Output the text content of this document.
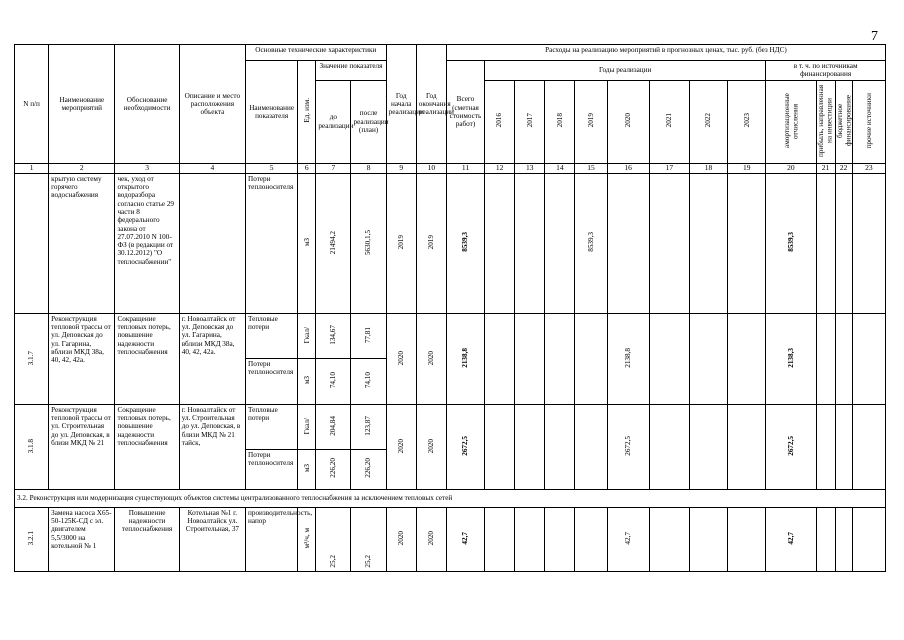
7
N п/п	Наименование мероприятий	Обоснование необходимости	Описание и место расположения объекта	Основные технические характеристики				Год начала реализации	Год окончания реализации	Расходы на реализацию мероприятий в прогнозных ценах, тыс. руб. (без НДС)												
				Наименование показателя	Ед. изм.	Значение показателя				Всего (сметная стоимость работ)	Годы реализации								в т. ч. по источникам финансирования			
						до реализации	после реализации (план)				2016	2017	2018	2019	2020	2021	2022	2023	амортизационные отчисления	прибыль, направленная на инвестиции	бюджетное финансирование	прочие источники

1	2	3	4	5	6	7	8	9	10	11	12	13	14	15	16	17	18	19	20	21	22	23
	крытую систему горячего водоснабжения	чек, уход от открытого водоразбора согласно статье 29 части 8 федерального закона от 27.07.2010 N 100-ФЗ (в редакции от 30.12.2012) "О теплоснабжении"		Потери теплоносителя	м3	21494,2	5630,1,5	2019	2019	8539,3				8539,3					8539,3			
3.1.7	Реконструкция тепловой трассы от ул. Деповская до ул. Гагарина, вблизи МКД 38а, 40, 42, 42а.	Сокращение тепловых потерь, повышение надежности теплоснабжения	г. Новоалтайск от ул. Деповская до ул. Гагарина, вблизи МКД 38а, 40, 42, 42а.	Тепловые потери	Гкал/	134,67	77,81	2020	2020	2138,8					2138,8				2138,3			
				Потери теплоносителя	м3	74,10	74,10															
3.1.8	Реконструкция тепловой трассы от ул. Строительная до ул. Деповская, в близи МКД № 21	Сокращение тепловых потерь, повышение надежности теплоснабжения	г. Новоалтайск от ул. Строительная до ул. Деповская, в близи МКД № 21 тайск,	Тепловые потери	Гкал/	204,84	123,87	2020	2020	2672,5					2672,5				2672,5			
				Потери теплоносителя	м3	226,20	226,20															
3.2. Реконструкция или модернизация существующих объектов системы централизованного теплоснабжения за исключением тепловых сетей																						
3.2.1	Замена насоса Х65-50-125К-СД с эл. двигателем 5,5/3000 на котельной № 1	Повышение надежности теплоснабжения	Котельная №1 г. Новоалтайск ул. Строительная, 37	производительность, напор	м³/ч, м	25,2	25,2	2020	2020	42,7					42,7				42,7			
